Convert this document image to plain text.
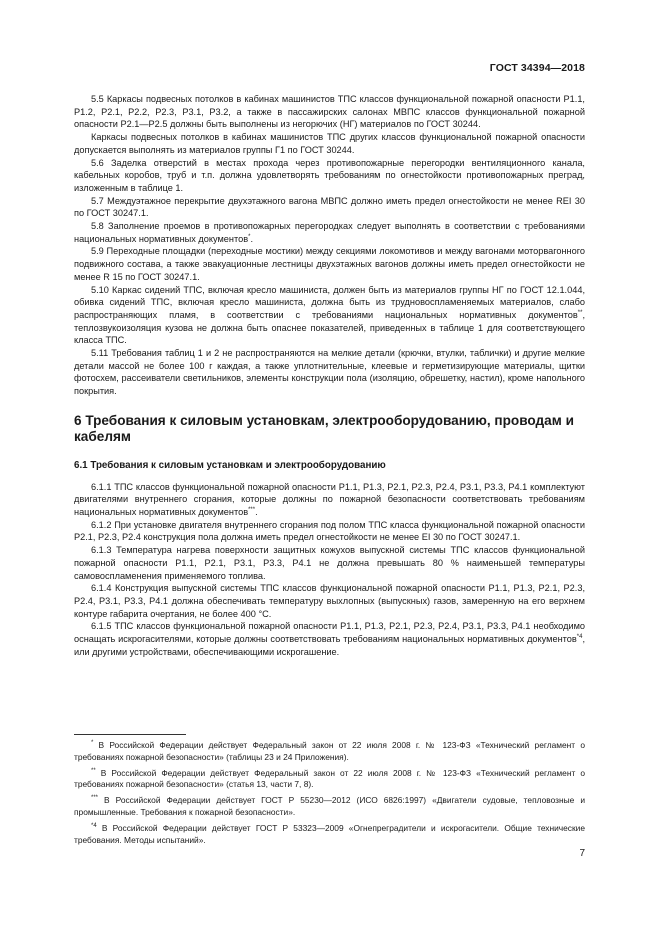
ГОСТ 34394—2018

5.5 Каркасы подвесных потолков в кабинах машинистов ТПС классов функциональной пожарной опасности Р1.1, Р1.2, Р2.1, Р2.2, Р2.3, Р3.1, Р3.2, а также в пассажирских салонах МВПС классов функциональной пожарной опасности Р2.1—Р2.5 должны быть выполнены из негорючих (НГ) материалов по ГОСТ 30244.

Каркасы подвесных потолков в кабинах машинистов ТПС других классов функциональной пожарной опасности допускается выполнять из материалов группы Г1 по ГОСТ 30244.

5.6 Заделка отверстий в местах прохода через противопожарные перегородки вентиляционного канала, кабельных коробов, труб и т.п. должна удовлетворять требованиям по огнестойкости противопожарных преград, изложенным в таблице 1.

5.7 Междуэтажное перекрытие двухэтажного вагона МВПС должно иметь предел огнестойкости не менее REI 30 по ГОСТ 30247.1.

5.8 Заполнение проемов в противопожарных перегородках следует выполнять в соответствии с требованиями национальных нормативных документов*.

5.9 Переходные площадки (переходные мостики) между секциями локомотивов и между вагонами моторвагонного подвижного состава, а также эвакуационные лестницы двухэтажных вагонов должны иметь предел огнестойкости не менее R 15 по ГОСТ 30247.1.

5.10 Каркас сидений ТПС, включая кресло машиниста, должен быть из материалов группы НГ по ГОСТ 12.1.044, обивка сидений ТПС, включая кресло машиниста, должна быть из трудновоспламеняемых материалов, слабо распространяющих пламя, в соответствии с требованиями национальных нормативных документов**, теплозвукоизоляция кузова не должна быть опаснее показателей, приведенных в таблице 1 для соответствующего класса ТПС.

5.11 Требования таблиц 1 и 2 не распространяются на мелкие детали (крючки, втулки, таблички) и другие мелкие детали массой не более 100 г каждая, а также уплотнительные, клеевые и герметизирующие материалы, щитки фотосхем, рассеиватели светильников, элементы конструкции пола (изоляцию, обрешетку, настил), кроме напольного покрытия.

6 Требования к силовым установкам, электрооборудованию, проводам и кабелям
6.1 Требования к силовым установкам и электрооборудованию

6.1.1 ТПС классов функциональной пожарной опасности Р1.1, Р1.3, Р2.1, Р2.3, Р2.4, Р3.1, Р3.3, Р4.1 комплектуют двигателями внутреннего сгорания, которые должны по пожарной безопасности соответствовать требованиям национальных нормативных документов***.

6.1.2 При установке двигателя внутреннего сгорания под полом ТПС класса функциональной пожарной опасности Р2.1, Р2.3, Р2.4 конструкция пола должна иметь предел огнестойкости не менее EI 30 по ГОСТ 30247.1.

6.1.3 Температура нагрева поверхности защитных кожухов выпускной системы ТПС классов функциональной пожарной опасности Р1.1, Р2.1, Р3.1, Р3.3, Р4.1 не должна превышать 80 % наименьшей температуры самовоспламенения применяемого топлива.

6.1.4 Конструкция выпускной системы ТПС классов функциональной пожарной опасности Р1.1, Р1.3, Р2.1, Р2.3, Р2.4, Р3.1, Р3.3, Р4.1 должна обеспечивать температуру выхлопных (выпускных) газов, замеренную на его верхнем контуре габарита очертания, не более 400 °С.

6.1.5 ТПС классов функциональной пожарной опасности Р1.1, Р1.3, Р2.1, Р2.3, Р2.4, Р3.1, Р3.3, Р4.1 необходимо оснащать искрогасителями, которые должны соответствовать требованиям национальных нормативных документов$^{*4}$, или другими устройствами, обеспечивающими искрогашение.

* В Российской Федерации действует Федеральный закон от 22 июля 2008 г. № 123-ФЗ «Технический регламент о требованиях пожарной безопасности» (таблицы 23 и 24 Приложения).

** В Российской Федерации действует Федеральный закон от 22 июля 2008 г. № 123-ФЗ «Технический регламент о требованиях пожарной безопасности» (статья 13, части 7, 8).

*** В Российской Федерации действует ГОСТ Р 55230—2012 (ИСО 6826:1997) «Двигатели судовые, тепловозные и промышленные. Требования к пожарной безопасности».

$^{*4}$ В Российской Федерации действует ГОСТ Р 53323—2009 «Огнепреградители и искрогасители. Общие технические требования. Методы испытаний».

7
